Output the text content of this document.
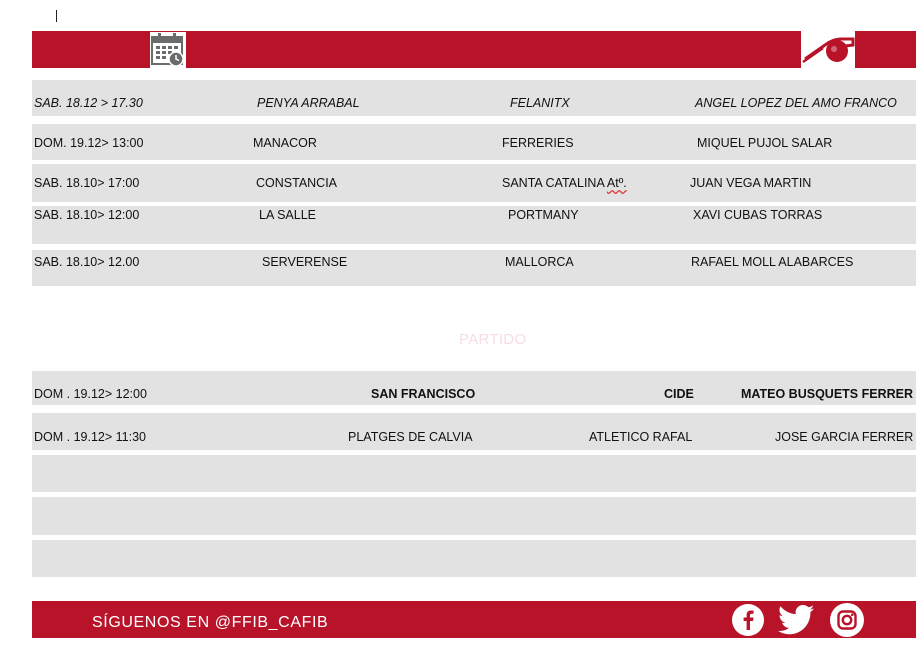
SAB. 18.12 > 17.30	PENYA ARRABAL	FELANITX	ANGEL LOPEZ DEL AMO FRANCO
DOM. 19.12> 13:00	MANACOR	FERRERIES	MIQUEL PUJOL SALAR
SAB. 18.10> 17:00	CONSTANCIA	SANTA CATALINA Atº.	JUAN VEGA MARTIN
SAB. 18.10> 12:00	LA SALLE	PORTMANY	XAVI CUBAS TORRAS
SAB. 18.10> 12.00	SERVERENSE	MALLORCA	RAFAEL MOLL ALABARCES
PARTIDO
DOM . 19.12> 12:00	SAN FRANCISCO	CIDE	MATEO BUSQUETS FERRER
DOM . 19.12> 11:30	PLATGES DE CALVIA	ATLETICO RAFAL	JOSE GARCIA FERRER
SÍGUENOS EN @FFIB_CAFIB
